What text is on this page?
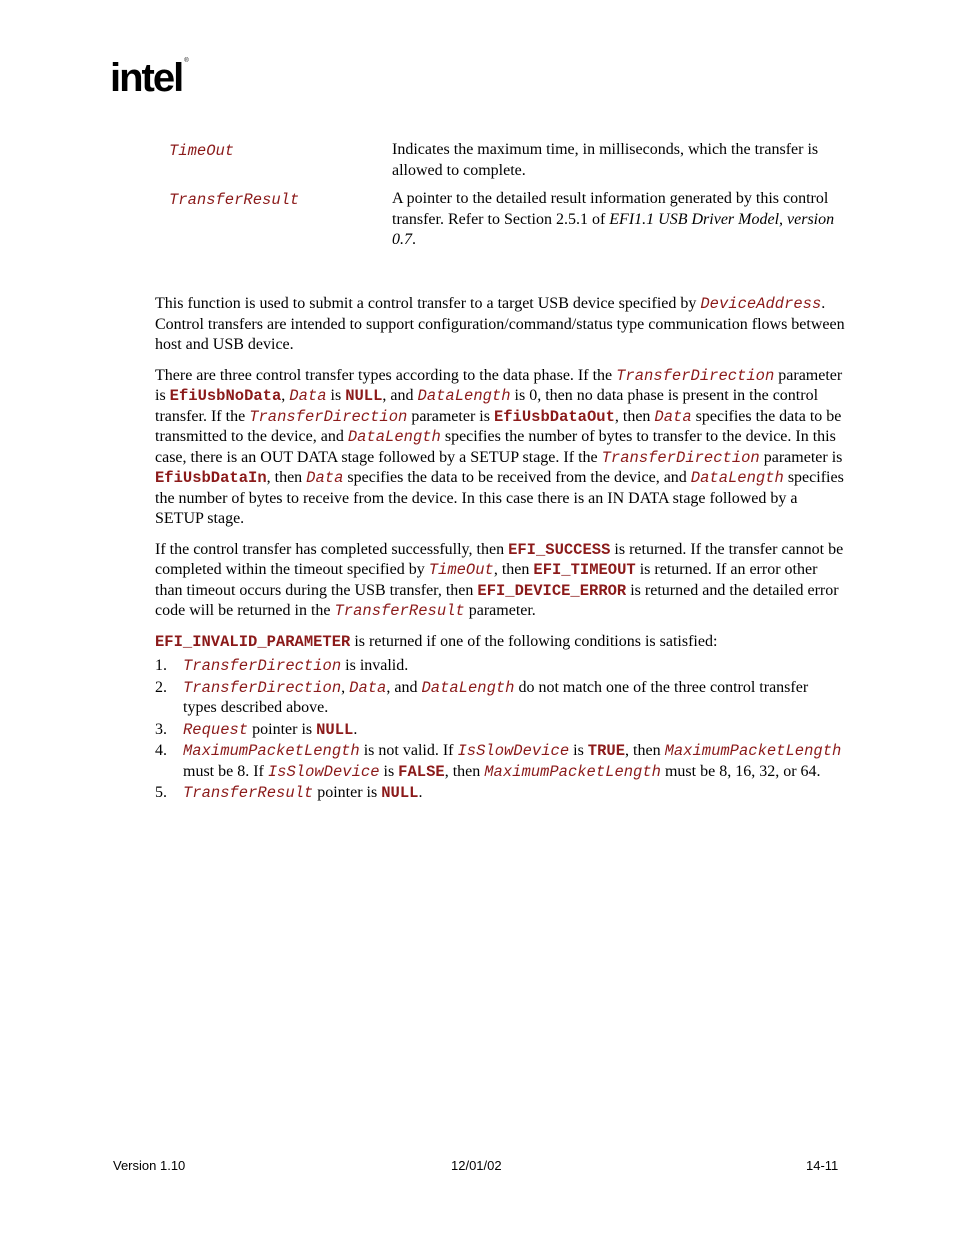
intel ®
TimeOut	Indicates the maximum time, in milliseconds, which the transfer is allowed to complete.
TransferResult	A pointer to the detailed result information generated by this control transfer. Refer to Section 2.5.1 of EFI1.1 USB Driver Model, version 0.7.

This function is used to submit a control transfer to a target USB device specified by DeviceAddress. Control transfers are intended to support configuration/command/status type communication flows between host and USB device.

There are three control transfer types according to the data phase. If the TransferDirection parameter is EfiUsbNoData, Data is NULL, and DataLength is 0, then no data phase is present in the control transfer. If the TransferDirection parameter is EfiUsbDataOut, then Data specifies the data to be transmitted to the device, and DataLength specifies the number of bytes to transfer to the device. In this case, there is an OUT DATA stage followed by a SETUP stage. If the TransferDirection parameter is EfiUsbDataIn, then Data specifies the data to be received from the device, and DataLength specifies the number of bytes to receive from the device. In this case there is an IN DATA stage followed by a SETUP stage.

If the control transfer has completed successfully, then EFI_SUCCESS is returned. If the transfer cannot be completed within the timeout specified by TimeOut, then EFI_TIMEOUT is returned. If an error other than timeout occurs during the USB transfer, then EFI_DEVICE_ERROR is returned and the detailed error code will be returned in the TransferResult parameter.

EFI_INVALID_PARAMETER is returned if one of the following conditions is satisfied:

1. TransferDirection is invalid.
2. TransferDirection, Data, and DataLength do not match one of the three control transfer types described above.
3. Request pointer is NULL.
4. MaximumPacketLength is not valid. If IsSlowDevice is TRUE, then MaximumPacketLength must be 8. If IsSlowDevice is FALSE, then MaximumPacketLength must be 8, 16, 32, or 64.
5. TransferResult pointer is NULL.
Version 1.10	12/01/02	14-11
